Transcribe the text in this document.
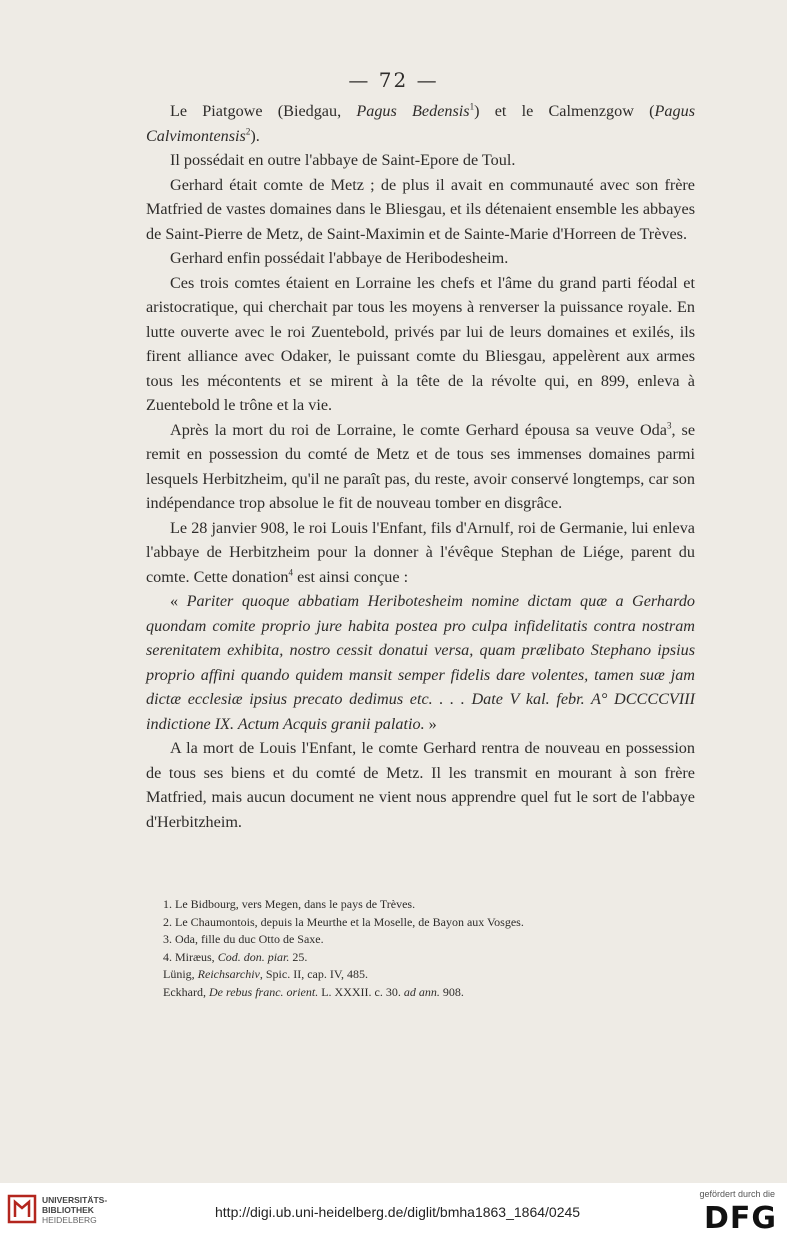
— 72 —

Le Piatgowe (Biedgau, Pagus Bedensis$^1$) et le Calmenzgow (Pagus Calvimontensis$^2$).

Il possédait en outre l'abbaye de Saint-Epore de Toul.

Gerhard était comte de Metz ; de plus il avait en communauté avec son frère Matfried de vastes domaines dans le Bliesgau, et ils détenaient ensemble les abbayes de Saint-Pierre de Metz, de Saint-Maximin et de Sainte-Marie d'Horreen de Trèves.

Gerhard enfin possédait l'abbaye de Heribodesheim.

Ces trois comtes étaient en Lorraine les chefs et l'âme du grand parti féodal et aristocratique, qui cherchait par tous les moyens à renverser la puissance royale. En lutte ouverte avec le roi Zuentebold, privés par lui de leurs domaines et exilés, ils firent alliance avec Odaker, le puissant comte du Bliesgau, appelèrent aux armes tous les mécontents et se mirent à la tête de la révolte qui, en 899, enleva à Zuentebold le trône et la vie.

Après la mort du roi de Lorraine, le comte Gerhard épousa sa veuve Oda$^3$, se remit en possession du comté de Metz et de tous ses immenses domaines parmi lesquels Herbitzheim, qu'il ne paraît pas, du reste, avoir conservé longtemps, car son indépendance trop absolue le fit de nouveau tomber en disgrâce.

Le 28 janvier 908, le roi Louis l'Enfant, fils d'Arnulf, roi de Germanie, lui enleva l'abbaye de Herbitzheim pour la donner à l'évêque Stephan de Liége, parent du comte. Cette donation$^4$ est ainsi conçue :

« Pariter quoque abbatiam Heribotesheim nomine dictam quæ a Gerhardo quondam comite proprio jure habita postea pro culpa infidelitatis contra nostram serenitatem exhibita, nostro cessit donatui versa, quam prælibato Stephano ipsius proprio affini quando quidem mansit semper fidelis dare volentes, tamen suæ jam dictæ ecclesiæ ipsius precato dedimus etc. . . . Date V kal. febr. A° DCCCCVIII indictione IX. Actum Acquis granii palatio. »

A la mort de Louis l'Enfant, le comte Gerhard rentra de nouveau en possession de tous ses biens et du comté de Metz. Il les transmit en mourant à son frère Matfried, mais aucun document ne vient nous apprendre quel fut le sort de l'abbaye d'Herbitzheim.

1. Le Bidbourg, vers Megen, dans le pays de Trèves.
2. Le Chaumontois, depuis la Meurthe et la Moselle, de Bayon aux Vosges.
3. Oda, fille du duc Otto de Saxe.
4. Miræus, Cod. don. piar. 25.
Lünig, Reichsarchiv, Spic. II, cap. IV, 485.
Eckhard, De rebus franc. orient. L. XXXII. c. 30. ad ann. 908.
UNIVERSITÄTS-
BIBLIOTHEK
HEIDELBERG	http://digi.ub.uni-heidelberg.de/diglit/bmha1863_1864/0245
gefördert durch die
DFG
